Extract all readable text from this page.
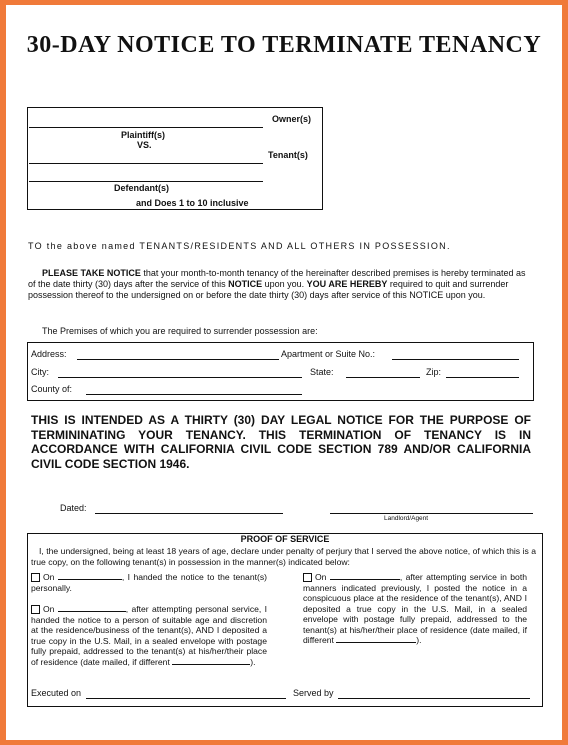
30-DAY NOTICE TO TERMINATE TENANCY
Owner(s)
Plaintiff(s)
VS.
Tenant(s)
Defendant(s)
and Does 1 to 10 inclusive
TO the above named TENANTS/RESIDENTS AND ALL OTHERS IN POSSESSION.
PLEASE TAKE NOTICE that your month-to-month tenancy of the hereinafter described premises is hereby terminated as of the date thirty (30) days after the service of this NOTICE upon you. YOU ARE HEREBY required to quit and surrender possession thereof to the undersigned on or before the date thirty (30) days after service of this NOTICE upon you.
The Premises of which you are required to surrender possession are:
Address:	Apartment or Suite No.:
City:	State:	Zip:
County of:
THIS IS INTENDED AS A THIRTY (30) DAY LEGAL NOTICE FOR THE PURPOSE OF TERMININATING YOUR TENANCY. THIS TERMINATION OF TENANCY IS IN ACCORDANCE WITH CALIFORNIA CIVIL CODE SECTION 789 AND/OR CALIFORNIA CIVIL CODE SECTION 1946.
Dated:
Landlord/Agent
PROOF OF SERVICE
I, the undersigned, being at least 18 years of age, declare under penalty of perjury that I served the above notice, of which this is a true copy, on the following tenant(s) in possession in the manner(s) indicated below:
On	, I handed the notice to the tenant(s) personally.
On	, after attempting personal service, I handed the notice to a person of suitable age and discretion at the residence/business of the tenant(s), AND I deposited a true copy in the U.S. Mail, in a sealed envelope with postage fully prepaid, addressed to the tenant(s) at his/her/their place of residence (date mailed, if different	).
On	, after attempting service in both manners indicated previously, I posted the notice in a conspicuous place at the residence of the tenant(s), AND I deposited a true copy in the U.S. Mail, in a sealed envelope with postage fully prepaid, addressed to the tenant(s) at his/her/their place of residence (date mailed, if different	).
Executed on	Served by
